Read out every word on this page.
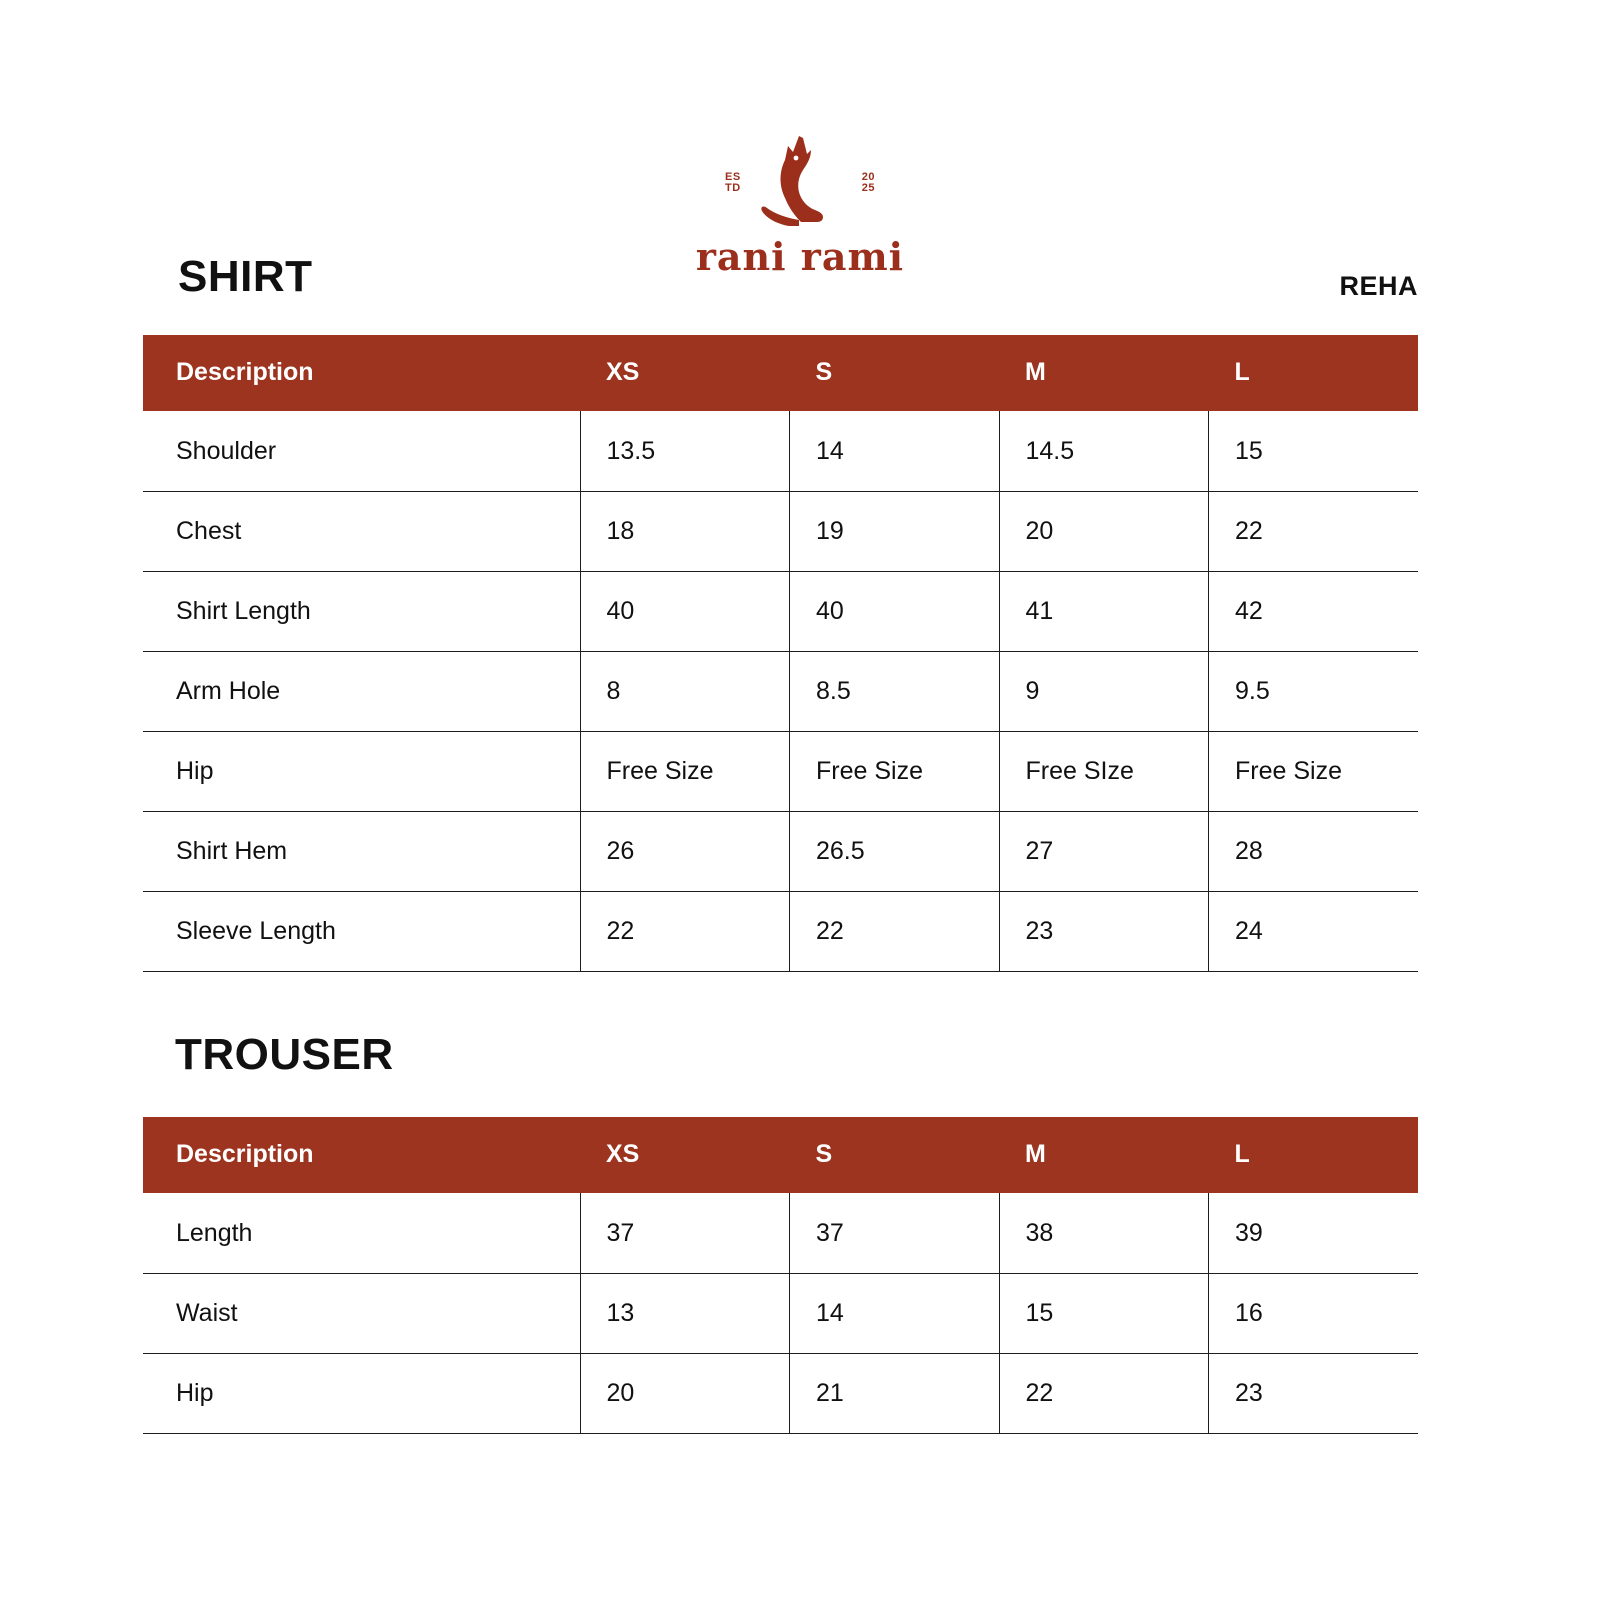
ES
TD
20
25
rani rami
SHIRT	REHA
Description	XS	S	M	L
Shoulder	13.5	14	14.5	15
Chest	18	19	20	22
Shirt Length	40	40	41	42
Arm Hole	8	8.5	9	9.5
Hip	Free Size	Free Size	Free SIze	Free Size
Shirt Hem	26	26.5	27	28
Sleeve Length	22	22	23	24
TROUSER
Description	XS	S	M	L
Length	37	37	38	39
Waist	13	14	15	16
Hip	20	21	22	23
